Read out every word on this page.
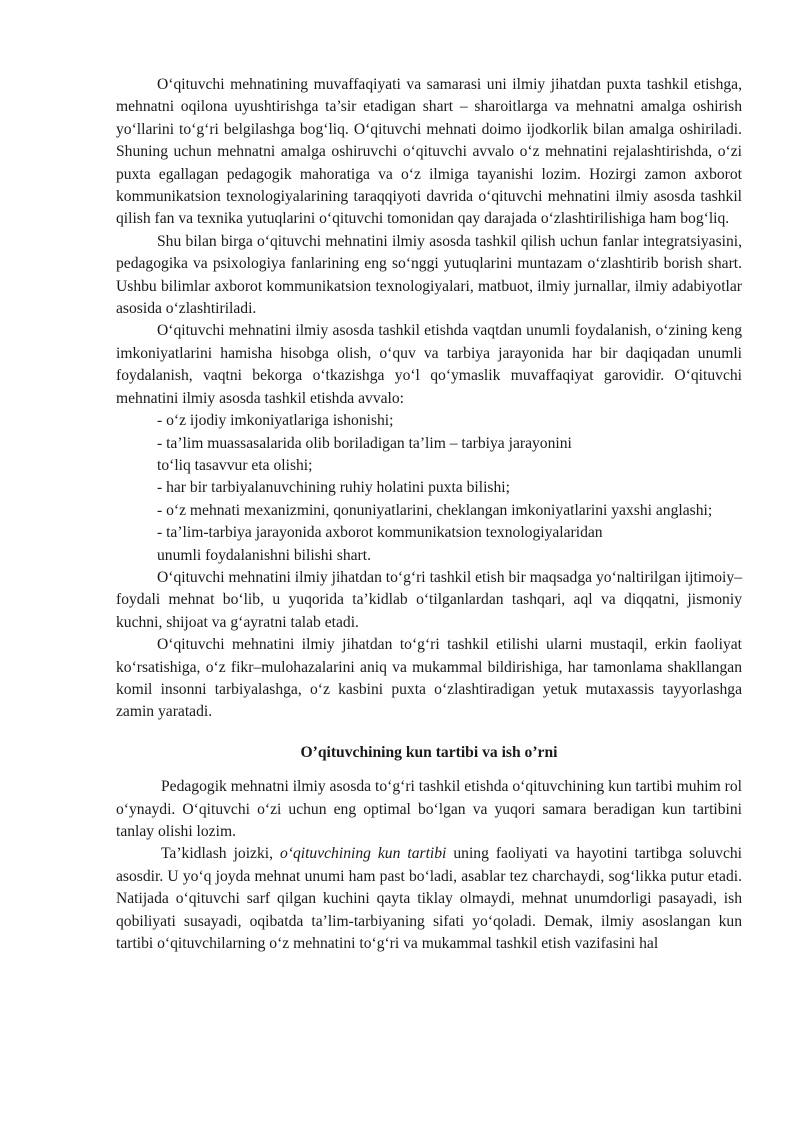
O‘qituvchi mehnatining muvaffaqiyati va samarasi uni ilmiy jihatdan puxta tashkil etishga, mehnatni oqilona uyushtirishga ta’sir etadigan shart – sharoitlarga va mehnatni amalga oshirish yo‘llarini to‘g‘ri belgilashga bog‘liq. O‘qituvchi mehnati doimo ijodkorlik bilan amalga oshiriladi. Shuning uchun mehnatni amalga oshiruvchi o‘qituvchi avvalo o‘z mehnatini rejalashtirishda, o‘zi puxta egallagan pedagogik mahoratiga va o‘z ilmiga tayanishi lozim. Hozirgi zamon axborot kommunikatsion texnologiyalarining taraqqiyoti davrida o‘qituvchi mehnatini ilmiy asosda tashkil qilish fan va texnika yutuqlarini o‘qituvchi tomonidan qay darajada o‘zlashtirilishiga ham bog‘liq.

Shu bilan birga o‘qituvchi mehnatini ilmiy asosda tashkil qilish uchun fanlar integratsiyasini, pedagogika va psixologiya fanlarining eng so‘nggi yutuqlarini muntazam o‘zlashtirib borish shart. Ushbu bilimlar axborot kommunikatsion texnologiyalari, matbuot, ilmiy jurnallar, ilmiy adabiyotlar asosida o‘zlashtiriladi.

O‘qituvchi mehnatini ilmiy asosda tashkil etishda vaqtdan unumli foydalanish, o‘zining keng imkoniyatlarini hamisha hisobga olish, o‘quv va tarbiya jarayonida har bir daqiqadan unumli foydalanish, vaqtni bekorga o‘tkazishga yo‘l qo‘ymaslik muvaffaqiyat garovidir. O‘qituvchi mehnatini ilmiy asosda tashkil etishda avvalo:

- o‘z ijodiy imkoniyatlariga ishonishi;

- ta’lim muassasalarida olib boriladigan ta’lim – tarbiya jarayonini

to‘liq tasavvur eta olishi;

- har bir tarbiyalanuvchining ruhiy holatini puxta bilishi;

- o‘z mehnati mexanizmini, qonuniyatlarini, cheklangan imkoniyatlarini yaxshi anglashi;

- ta’lim-tarbiya jarayonida axborot kommunikatsion texnologiyalaridan

unumli foydalanishni bilishi shart.

O‘qituvchi mehnatini ilmiy jihatdan to‘g‘ri tashkil etish bir maqsadga yo‘naltirilgan ijtimoiy–foydali mehnat bo‘lib, u yuqorida ta’kidlab o‘tilganlardan tashqari, aql va diqqatni, jismoniy kuchni, shijoat va g‘ayratni talab etadi.

O‘qituvchi mehnatini ilmiy jihatdan to‘g‘ri tashkil etilishi ularni mustaqil, erkin faoliyat ko‘rsatishiga, o‘z fikr–mulohazalarini aniq va mukammal bildirishiga, har tamonlama shakllangan komil insonni tarbiyalashga, o‘z kasbini puxta o‘zlashtiradigan yetuk mutaxassis tayyorlashga zamin yaratadi.

O’qituvchining kun tartibi va ish o’rni

Pedagogik mehnatni ilmiy asosda to‘g‘ri tashkil etishda o‘qituvchining kun tartibi muhim rol o‘ynaydi. O‘qituvchi o‘zi uchun eng optimal bo‘lgan va yuqori samara beradigan kun tartibini tanlay olishi lozim.

Ta’kidlash joizki, o‘qituvchining kun tartibi uning faoliyati va hayotini tartibga soluvchi asosdir. U yo‘q joyda mehnat unumi ham past bo‘ladi, asablar tez charchaydi, sog‘likka putur etadi. Natijada o‘qituvchi sarf qilgan kuchini qayta tiklay olmaydi, mehnat unumdorligi pasayadi, ish qobiliyati susayadi, oqibatda ta’lim-tarbiyaning sifati yo‘qoladi. Demak, ilmiy asoslangan kun tartibi o‘qituvchilarning o‘z mehnatini to‘g‘ri va mukammal tashkil etish vazifasini hal
